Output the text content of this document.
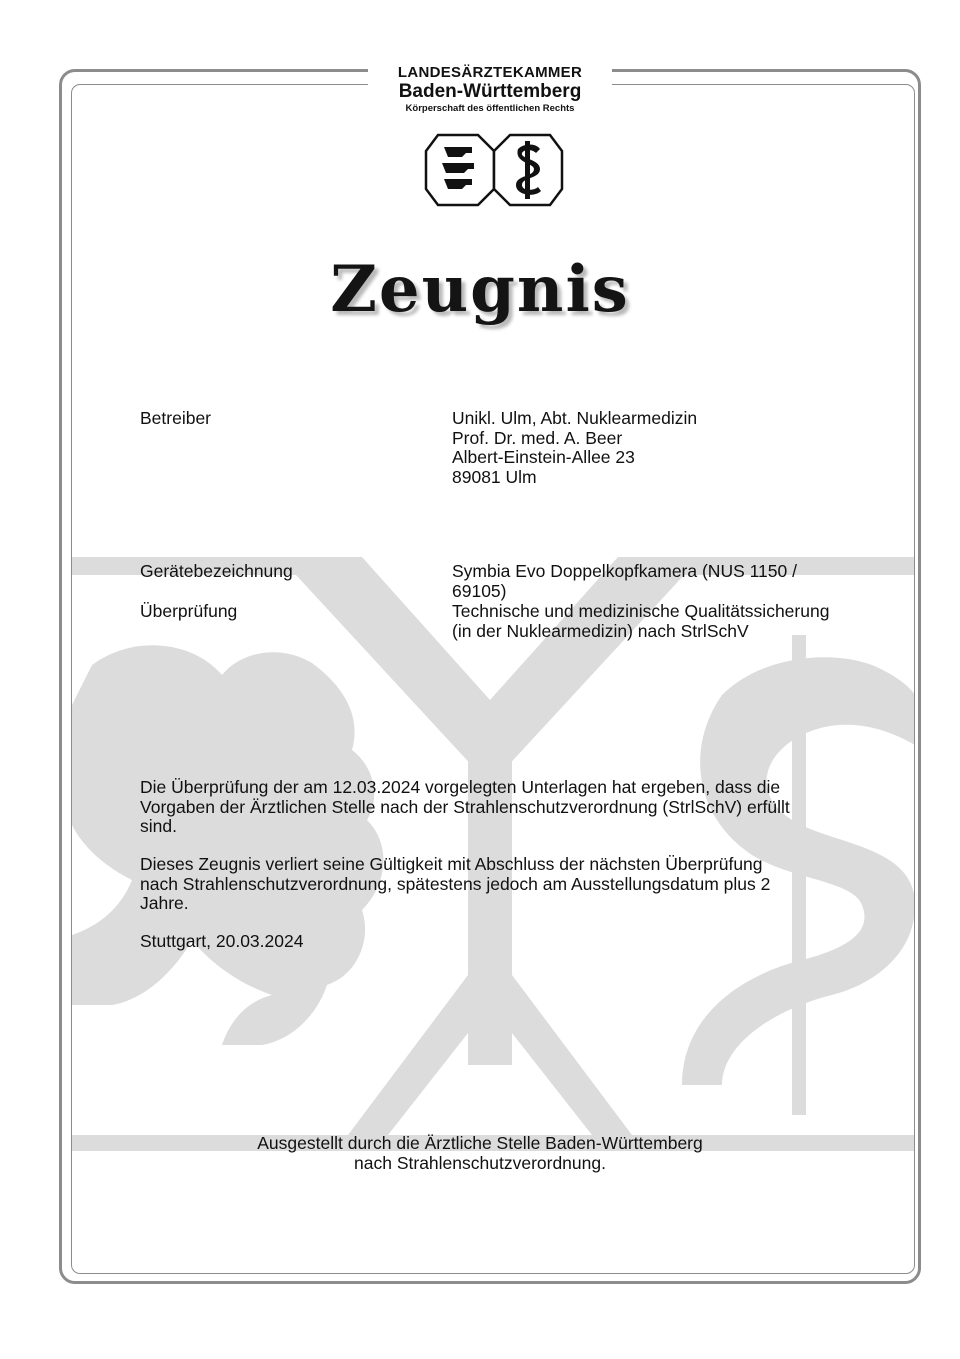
LANDESÄRZTEKAMMER
Baden-Württemberg
Körperschaft des öffentlichen Rechts
Zeugnis
Betreiber	Unikl. Ulm, Abt. Nuklearmedizin
Prof. Dr. med. A. Beer
Albert-Einstein-Allee 23
89081 Ulm
Gerätebezeichnung	Symbia Evo Doppelkopfkamera (NUS 1150 /
69105)
Überprüfung	Technische und medizinische Qualitätssicherung
(in der Nuklearmedizin) nach StrlSchV
Die Überprüfung der am 12.03.2024 vorgelegten Unterlagen hat ergeben, dass die
Vorgaben der Ärztlichen Stelle nach der Strahlenschutzverordnung (StrlSchV) erfüllt
sind.
Dieses Zeugnis verliert seine Gültigkeit mit Abschluss der nächsten Überprüfung
nach Strahlenschutzverordnung, spätestens jedoch am Ausstellungsdatum plus 2
Jahre.
Stuttgart, 20.03.2024
Ausgestellt durch die Ärztliche Stelle Baden-Württemberg
nach Strahlenschutzverordnung.
